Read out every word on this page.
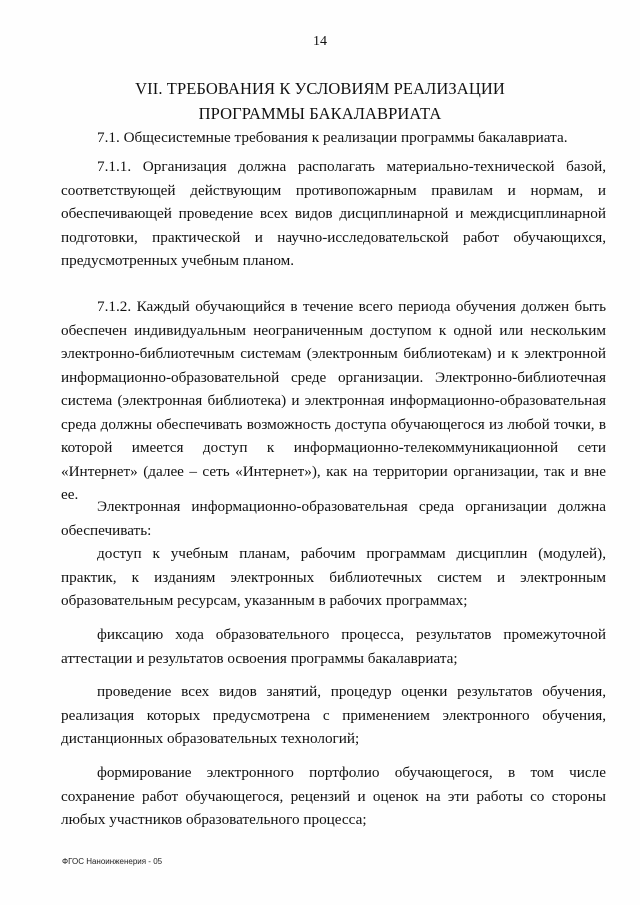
14
VII. ТРЕБОВАНИЯ К УСЛОВИЯМ РЕАЛИЗАЦИИ ПРОГРАММЫ БАКАЛАВРИАТА
7.1. Общесистемные требования к реализации программы бакалавриата.
7.1.1. Организация должна располагать материально-технической базой, соответствующей действующим противопожарным правилам и нормам, и обеспечивающей проведение всех видов дисциплинарной и междисциплинарной подготовки, практической и научно-исследовательской работ обучающихся, предусмотренных учебным планом.
7.1.2. Каждый обучающийся в течение всего периода обучения должен быть обеспечен индивидуальным неограниченным доступом к одной или нескольким электронно-библиотечным системам (электронным библиотекам) и к электронной информационно-образовательной среде организации. Электронно-библиотечная система (электронная библиотека) и электронная информационно-образовательная среда должны обеспечивать возможность доступа обучающегося из любой точки, в которой имеется доступ к информационно-телекоммуникационной сети «Интернет» (далее – сеть «Интернет»), как на территории организации, так и вне ее.
Электронная информационно-образовательная среда организации должна обеспечивать:
доступ к учебным планам, рабочим программам дисциплин (модулей), практик, к изданиям электронных библиотечных систем и электронным образовательным ресурсам, указанным в рабочих программах;
фиксацию хода образовательного процесса, результатов промежуточной аттестации и результатов освоения программы бакалавриата;
проведение всех видов занятий, процедур оценки результатов обучения, реализация которых предусмотрена с применением электронного обучения, дистанционных образовательных технологий;
формирование электронного портфолио обучающегося, в том числе сохранение работ обучающегося, рецензий и оценок на эти работы со стороны любых участников образовательного процесса;
ФГОС Наноинженерия - 05
